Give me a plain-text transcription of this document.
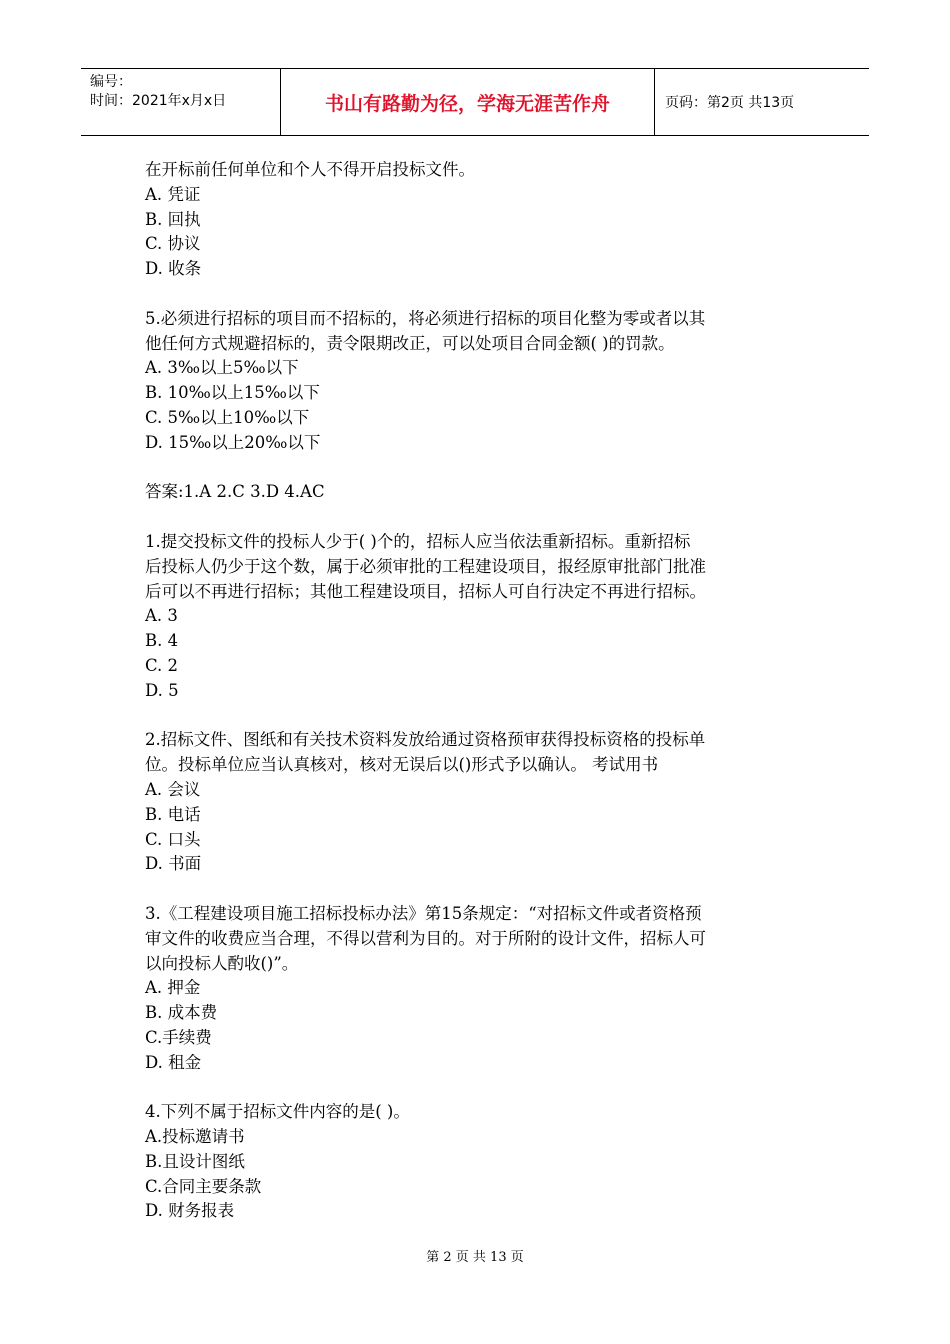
编号：
时间：2021年x月x日	书山有路勤为径，学海无涯苦作舟	页码：第2页 共13页
在开标前任何单位和个人不得开启投标文件。
A. 凭证
B. 回执
C. 协议
D. 收条
5.必须进行招标的项目而不招标的，将必须进行招标的项目化整为零或者以其
他任何方式规避招标的，责令限期改正，可以处项目合同金额( )的罚款。
A. 3‰以上5‰以下
B. 10‰以上15‰以下
C. 5‰以上10‰以下
D. 15‰以上20‰以下
答案:1.A 2.C 3.D 4.AC
1.提交投标文件的投标人少于( )个的，招标人应当依法重新招标。重新招标
后投标人仍少于这个数，属于必须审批的工程建设项目，报经原审批部门批准
后可以不再进行招标；其他工程建设项目，招标人可自行决定不再进行招标。
A. 3
B. 4
C. 2
D. 5
2.招标文件、图纸和有关技术资料发放给通过资格预审获得投标资格的投标单
位。投标单位应当认真核对，核对无误后以()形式予以确认。 考试用书
A. 会议
B. 电话
C. 口头
D. 书面
3.《工程建设项目施工招标投标办法》第15条规定：“对招标文件或者资格预
审文件的收费应当合理，不得以营利为目的。对于所附的设计文件，招标人可
以向投标人酌收()”。
A. 押金
B. 成本费
C.手续费
D. 租金
4.下列不属于招标文件内容的是( )。
A.投标邀请书
B.且设计图纸
C.合同主要条款
D. 财务报表
第 2 页 共 13 页
